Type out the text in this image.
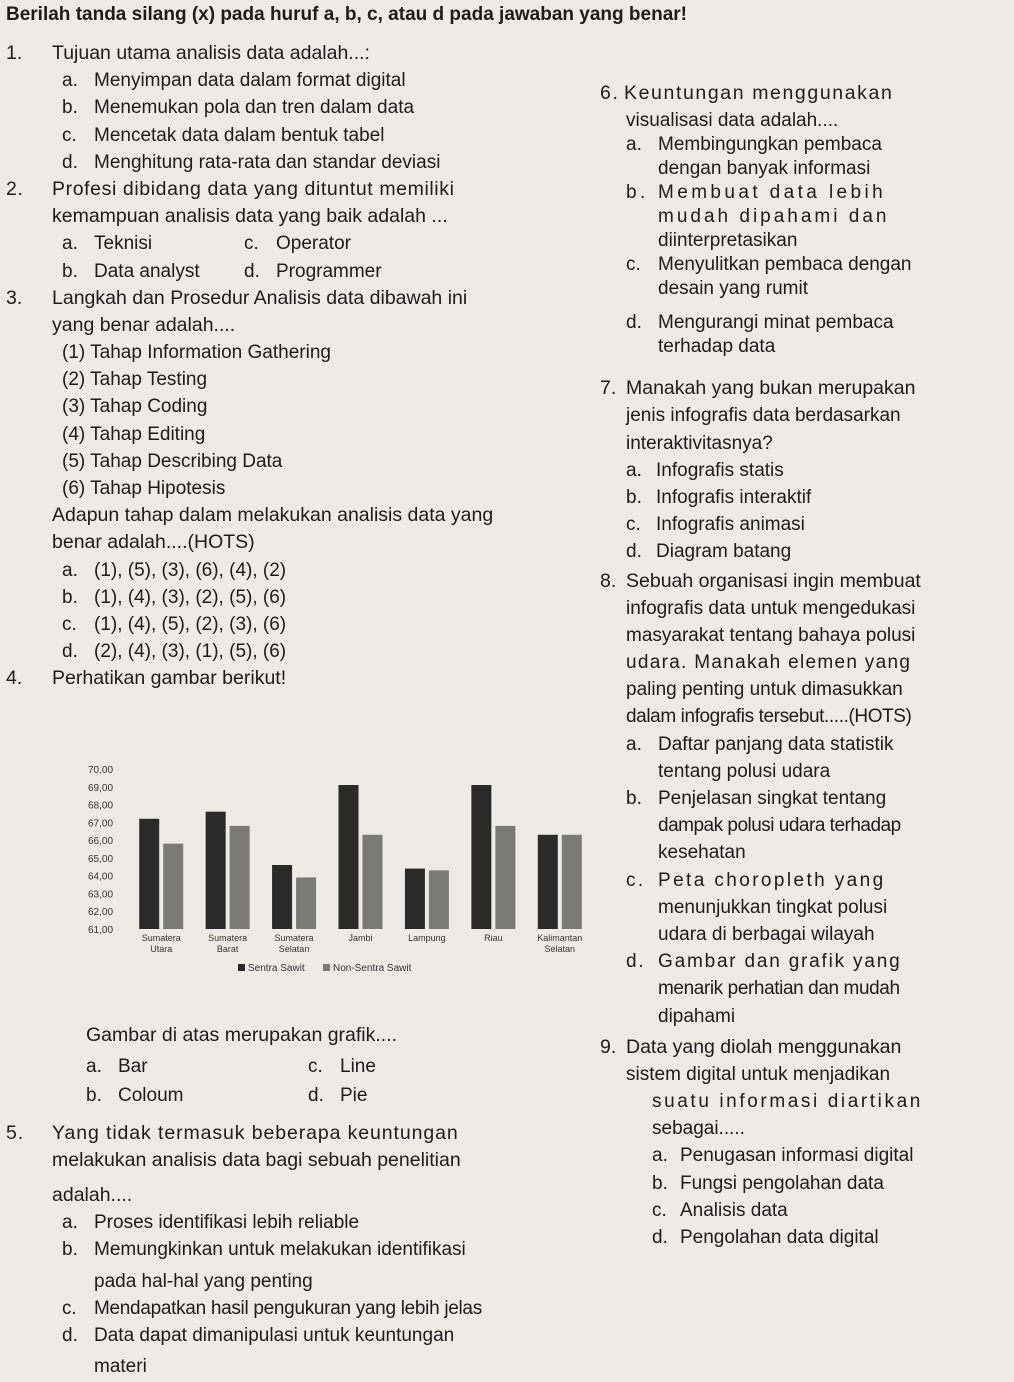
Berilah tanda silang (x) pada huruf a, b, c, atau d pada jawaban yang benar!
1. Tujuan utama analisis data adalah...:
a. Menyimpan data dalam format digital
b. Menemukan pola dan tren dalam data
c. Mencetak data dalam bentuk tabel
d. Menghitung rata-rata dan standar deviasi
2. Profesi dibidang data yang dituntut memiliki
kemampuan analisis data yang baik adalah ...
a. Teknisi	c. Operator
b. Data analyst d. Programmer
3. Langkah dan Prosedur Analisis data dibawah ini
yang benar adalah....
(1) Tahap Information Gathering
(2) Tahap Testing
(3) Tahap Coding
(4) Tahap Editing
(5) Tahap Describing Data
(6) Tahap Hipotesis
Adapun tahap dalam melakukan analisis data yang
benar adalah....(HOTS)
a. (1), (5), (3), (6), (4), (2)
b. (1), (4), (3), (2), (5), (6)
c. (1), (4), (5), (2), (3), (6)
d. (2), (4), (3), (1), (5), (6)
4. Perhatikan gambar berikut!
70,00
69,00
68,00
67,00
66,00
65,00
64,00
63,00
62,00
61,00
Sumatera
Utara
Sumatera
Barat
Sumatera
Selatan
Jambi	Lampung	Riau	Kalimantan
Selatan
Sentra Sawit	Non-Sentra Sawit
Gambar di atas merupakan grafik....
a. Bar	c. Line
b. Coloum	d. Pie
5. Yang tidak termasuk beberapa keuntungan
melakukan analisis data bagi sebuah penelitian
adalah....
a. Proses identifikasi lebih reliable
b. Memungkinkan untuk melakukan identifikasi
pada hal-hal yang penting
c. Mendapatkan hasil pengukuran yang lebih jelas
d. Data dapat dimanipulasi untuk keuntungan
materi
6. Keuntungan menggunakan
visualisasi data adalah....
a. Membingungkan pembaca
dengan banyak informasi
b. Membuat data lebih
mudah dipahami dan
diinterpretasikan
c. Menyulitkan pembaca dengan
desain yang rumit
d. Mengurangi minat pembaca
terhadap data
7. Manakah yang bukan merupakan
jenis infografis data berdasarkan
interaktivitasnya?
a. Infografis statis
b. Infografis interaktif
c. Infografis animasi
d. Diagram batang
8. Sebuah organisasi ingin membuat
infografis data untuk mengedukasi
masyarakat tentang bahaya polusi
udara. Manakah elemen yang
paling penting untuk dimasukkan
dalam infografis tersebut.....(HOTS)
a. Daftar panjang data statistik
tentang polusi udara
b. Penjelasan singkat tentang
dampak polusi udara terhadap
kesehatan
c. Peta choropleth yang
menunjukkan tingkat polusi
udara di berbagai wilayah
d. Gambar dan grafik yang
menarik perhatian dan mudah
dipahami
9. Data yang diolah menggunakan
sistem digital untuk menjadikan
suatu informasi diartikan
sebagai.....
a. Penugasan informasi digital
b. Fungsi pengolahan data
c. Analisis data
d. Pengolahan data digital
